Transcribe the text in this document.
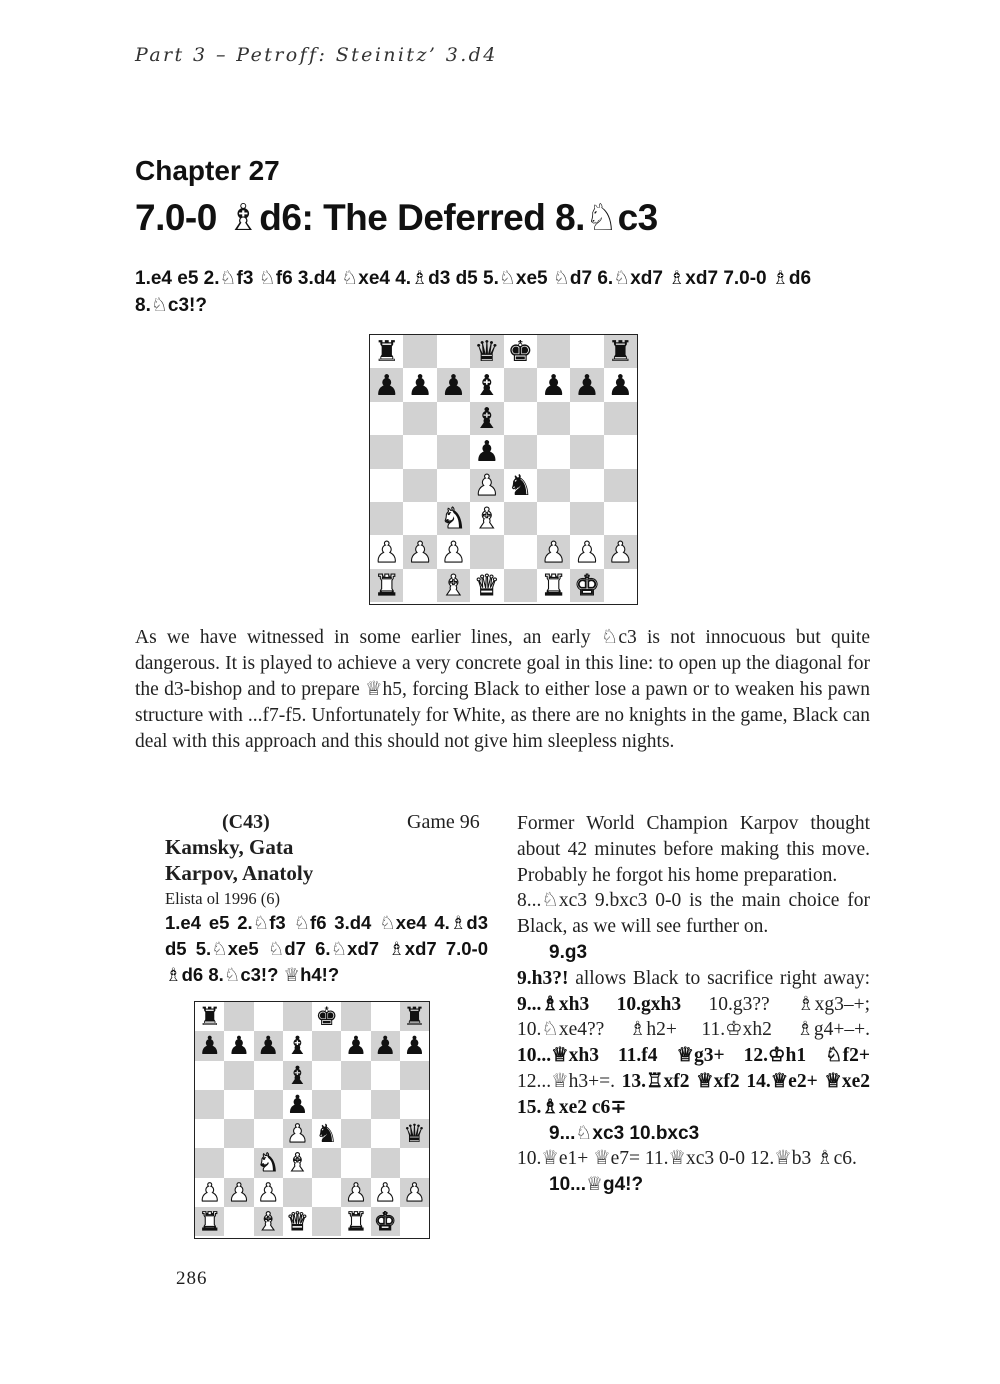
Part 3 – Petroff: Steinitz’ 3.d4
Chapter 27
7.0-0 ♗d6: The Deferred 8.♘c3
1.e4 e5 2.♘f3 ♘f6 3.d4 ♘xe4 4.♗d3 d5 5.♘xe5 ♘d7 6.♘xd7 ♗xd7 7.0-0 ♗d6 8.♘c3!?
♜	♛ ♚	♜
♟ ♟ ♟ ♝ ♟ ♟ ♟
♝
♟
♟ ♞
♞ ♝
♟ ♟ ♟	♟ ♟ ♟
♜ ♝ ♛ ♜ ♚
As we have witnessed in some earlier lines, an early ♘c3 is not innocuous but quite dangerous. It is played to achieve a very concrete goal in this line: to open up the diagonal for the d3-bishop and to prepare ♕h5, forcing Black to either lose a pawn or to weaken his pawn structure with ...f7-f5. Unfortunately for White, as there are no knights in the game, Black can deal with this approach and this should not give him sleepless nights.
(C43)	Game 96
Kamsky, Gata
Karpov, Anatoly
Elista ol 1996 (6)
1.e4 e5 2.♘f3 ♘f6 3.d4 ♘xe4 4.♗d3 d5 5.♘xe5 ♘d7 6.♘xd7 ♗xd7 7.0-0 ♗d6 8.♘c3!? ♕h4!?
♜	♚	♜
♟ ♟ ♟ ♝ ♟ ♟ ♟
♝
♟
♟ ♞	♛
♞ ♝
♟ ♟ ♟	♟ ♟ ♟
♜ ♝ ♛ ♜ ♚

Former World Champion Karpov thought about 42 minutes before making this move. Probably he forgot his home preparation.

8...♘xc3 9.bxc3 0-0 is the main choice for Black, as we will see further on.

9.g3

9.h3?! allows Black to sacrifice right away: 9...♗xh3 10.gxh3 10.g3?? ♗xg3–+; 10.♘xe4?? ♗h2+ 11.♔xh2 ♗g4+–+. 10...♕xh3 11.f4 ♕g3+ 12.♔h1 ♘f2+ 12...♕h3+=. 13.♖xf2 ♕xf2 14.♕e2+ ♕xe2 15.♗xe2 c6∓

9...♘xc3 10.bxc3

10.♕e1+ ♕e7= 11.♕xc3 0-0 12.♕b3 ♗c6.

10...♕g4!?

286
